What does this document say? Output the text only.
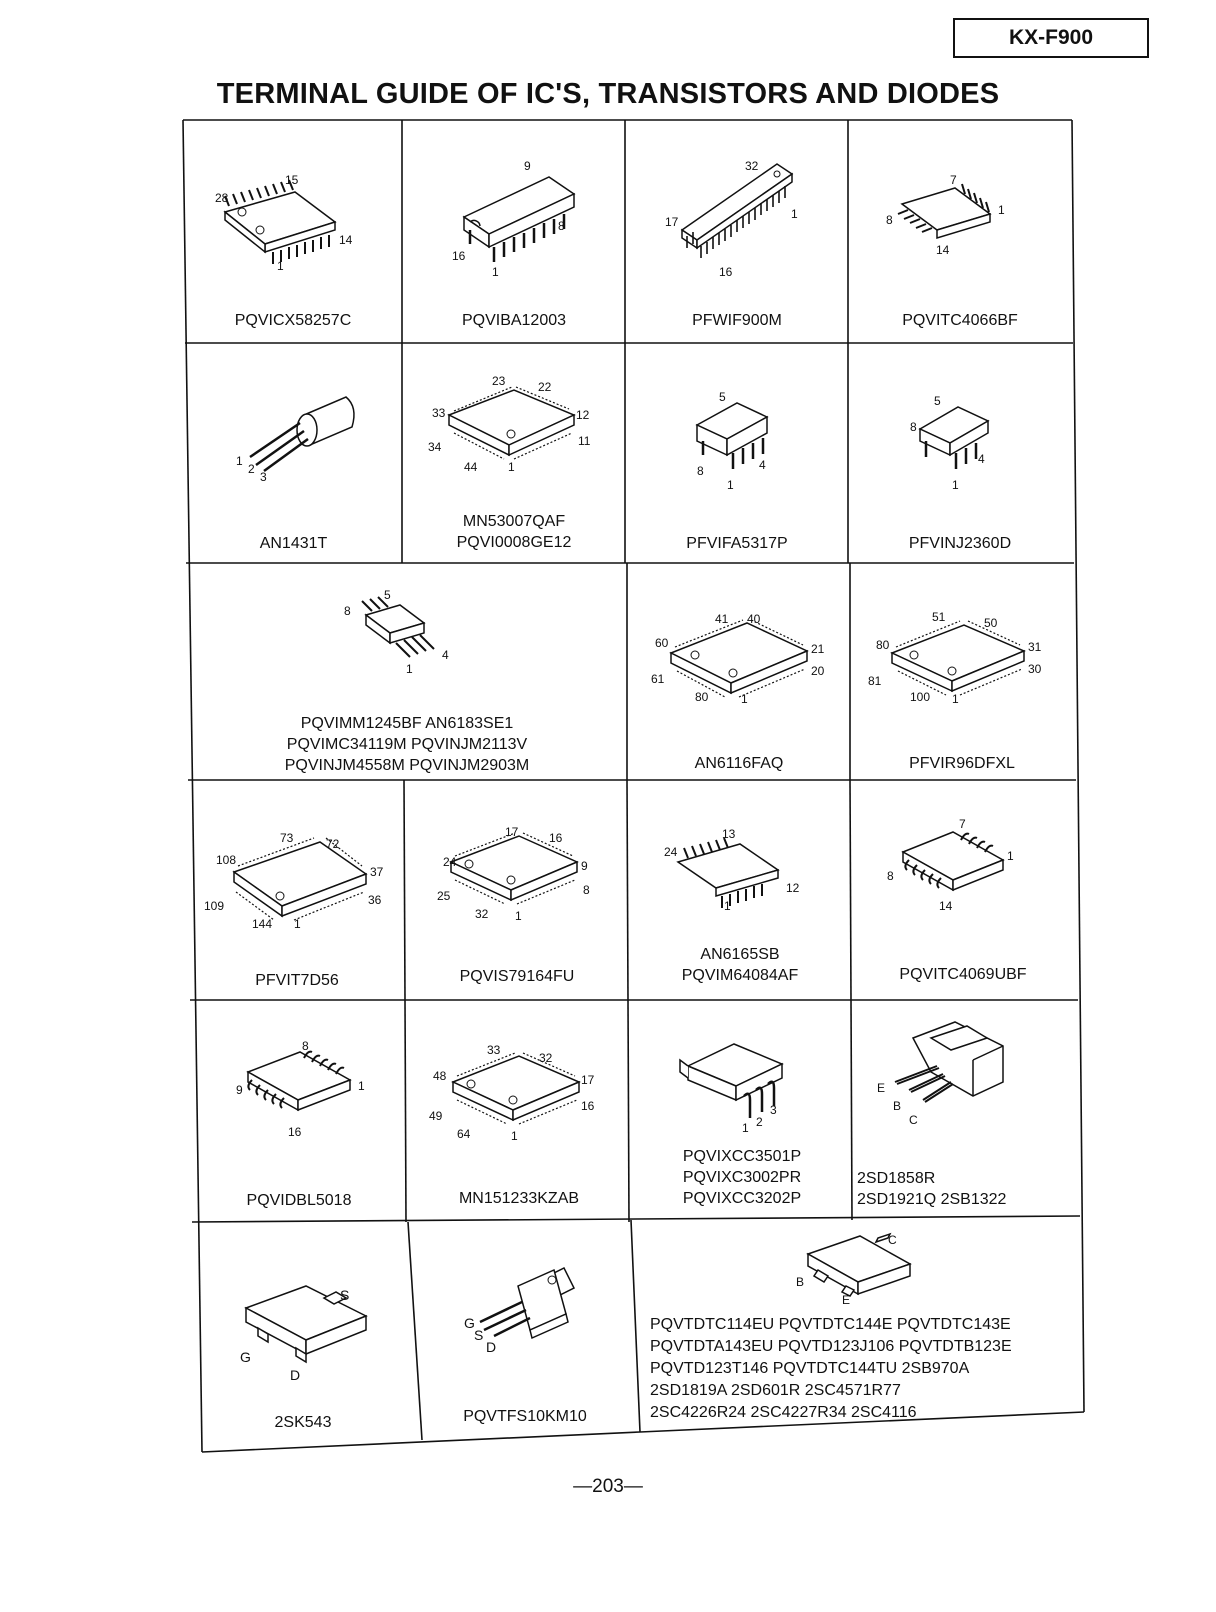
KX-F900
TERMINAL GUIDE OF IC'S, TRANSISTORS AND DIODES
28
15
14
1
PQVICX58257C
9
8
16
1
PQVIBA12003
32
17
1
16
PFWIF900M
7
8
1
14
PQVITC4066BF
1
2
3
AN1431T
23	22
33	12
34	11
44	1
MN53007QAF
PQVI0008GE12
5
8	4
1
PFVIFA5317P
5
8
4
1
PFVINJ2360D
5
8
4
1
PQVIMM1245BF AN6183SE1
PQVIMC34119M PQVINJM2113V
PQVINJM4558M PQVINJM2903M
41 40
60	21
61
20
80	1
AN6116FAQ
51	50
80	31
81
30
100 1
PFVIR96DFXL
73	72
108
37
109	36
144 1
PFVIT7D56
17	16
24	9
25	8
32 1
PQVIS79164FU
13
24
12
1
AN6165SB
PQVIM64084AF
7
1
8
14
PQVITC4069UBF
8
9	1
16
PQVIDBL5018
33
32
48	17
49
16
64	1
MN151233KZAB
1 2
3
PQVIXCC3501P
PQVIXC3002PR
PQVIXCC3202P
E
B
C
2SD1858R
2SD1921Q 2SB1322
S
G
D
2SK543
G
S
D
PQVTFS10KM10
C
B
E
PQVTDTC114EU PQVTDTC144E PQVTDTC143E
PQVTDTA143EU PQVTD123J106 PQVTDTB123E
PQVTD123T146 PQVTDTC144TU 2SB970A
2SD1819A 2SD601R 2SC4571R77
2SC4226R24 2SC4227R34 2SC4116
—203—
